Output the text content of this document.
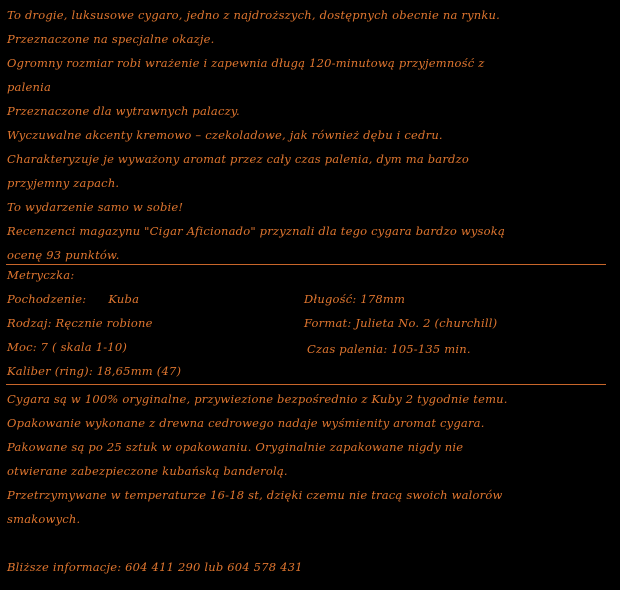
To drogie, luksusowe cygaro, jedno z najdroższych, dostępnych obecnie na rynku.
Przeznaczone na specjalne okazje.
Ogromny rozmiar robi wrażenie i zapewnia długą 120-minutową przyjemność z
palenia
Przeznaczone dla wytrawnych palaczy.
Wyczuwalne akcenty kremowo – czekoladowe, jak również dębu i cedru.
Charakteryzuje je wyważony aromat przez cały czas palenia, dym ma bardzo
przyjemny zapach.
To wydarzenie samo w sobie!
Recenzenci magazynu "Cigar Aficionado" przyznali dla tego cygara bardzo wysoką
ocenę 93 punktów.
Metryczka:
Pochodzenie: Kuba
Rodzaj: Ręcznie robione
Moc: 7 ( skala 1-10)
Kaliber (ring): 18,65mm (47)
Długość: 178mm
Format: Julieta No. 2 (churchill)
Czas palenia: 105-135 min.
Cygara są w 100% oryginalne, przywiezione bezpośrednio z Kuby 2 tygodnie temu.
Opakowanie wykonane z drewna cedrowego nadaje wyśmienity aromat cygara.
Pakowane są po 25 sztuk w opakowaniu. Oryginalnie zapakowane nigdy nie
otwierane zabezpieczone kubańską banderolą.
Przetrzymywane w temperaturze 16-18 st, dzięki czemu nie tracą swoich walorów
smakowych.
Bliższe informacje: 604 411 290 lub 604 578 431
